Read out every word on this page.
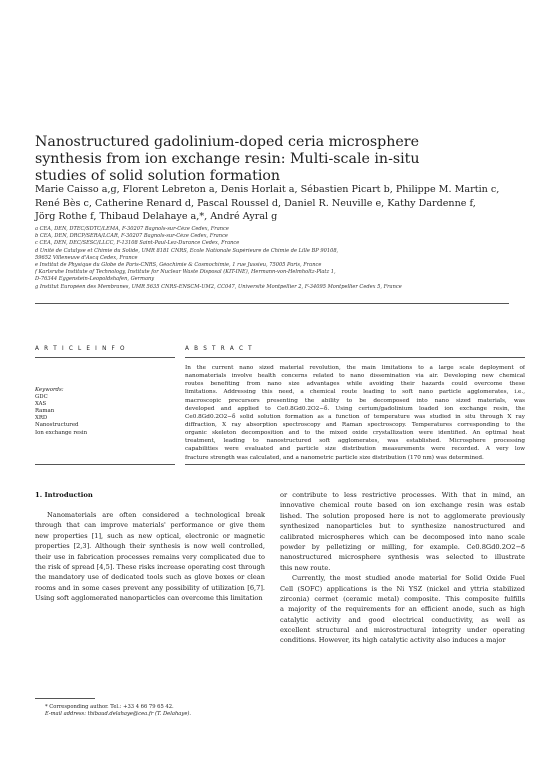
Nanostructured gadolinium-doped ceria microsphere
synthesis from ion exchange resin: Multi-scale in-situ
studies of solid solution formation
Marie Caisso a,g, Florent Lebreton a, Denis Horlait a, Sébastien Picart b, Philippe M. Martin c,
René Bès c, Catherine Renard d, Pascal Roussel d, Daniel R. Neuville e, Kathy Dardenne f,
Jörg Rothe f, Thibaud Delahaye a,*, André Ayral g
a CEA, DEN, DTEC/SDTC/LEMA, F-30207 Bagnols-sur-Cèze Cedex, France
b CEA, DEN, DRCP/SERA/LCAR, F-30207 Bagnols-sur-Cèze Cedex, France
c CEA, DEN, DEC/SESC/LLCC, F-13108 Saint-Paul-Lez-Durance Cedex, France
d Unité de Catalyse et Chimie du Solide, UMR 8181 CNRS, Ecole Nationale Supérieure de Chimie de Lille BP 90108,
59652 Villeneuve d'Ascq Cedex, France
e Institut de Physique du Globe de Paris-CNRS, Géochimie & Cosmochimie, 1 rue Jussieu, 75005 Paris, France
f Karlsruhe Institute of Technology, Institute for Nuclear Waste Disposal (KIT-INE), Hermann-von-Helmholtz-Platz 1,
D-76344 Eggenstein-Leopoldshafen, Germany
g Institut Européen des Membranes, UMR 5635 CNRS-ENSCM-UM2, CC047, Université Montpellier 2, F-34095 Montpellier Cedex 5, France
A R T I C L E I N F O	A B S T R A C T
Keywords:
GDC
XAS
Raman
XRD
Nanostructured
Ion exchange resin
In the current nano sized material revolution, the main limitations to a large scale deployment of
nanomaterials involve health concerns related to nano dissemination via air. Developing new chemical
routes benefiting from nano size advantages while avoiding their hazards could overcome these
limitations. Addressing this need, a chemical route leading to soft nano particle agglomerates, i.e.,
macroscopic precursors presenting the ability to be decomposed into nano sized materials, was
developed and applied to Ce0.8Gd0.2O2−δ. Using cerium/gadolinium loaded ion exchange resin, the
Ce0.8Gd0.2O2−δ solid solution formation as a function of temperature was studied in situ through X ray
diffraction, X ray absorption spectroscopy and Raman spectroscopy. Temperatures corresponding to the
organic skeleton decomposition and to the mixed oxide crystallization were identified. An optimal heat
treatment, leading to nanostructured soft agglomerates, was established. Microsphere processing
capabilities were evaluated and particle size distribution measurements were recorded. A very low
fracture strength was calculated, and a nanometric particle size distribution (170 nm) was determined.
1. Introduction
Nanomaterials are often considered a technological break
through that can improve materials' performance or give them
new properties [1], such as new optical, electronic or magnetic
properties [2,3]. Although their synthesis is now well controlled,
their use in fabrication processes remains very complicated due to
the risk of spread [4,5]. These risks increase operating cost through
the mandatory use of dedicated tools such as glove boxes or clean
rooms and in some cases prevent any possibility of utilization [6,7].
Using soft agglomerated nanoparticles can overcome this limitation
* Corresponding author. Tel.: +33 4 66 79 65 42.
E-mail address: thibaud.delahaye@cea.fr (T. Delahaye).
or contribute to less restrictive processes. With that in mind, an
innovative chemical route based on ion exchange resin was estab
lished. The solution proposed here is not to agglomerate previously
synthesized nanoparticles but to synthesize nanostructured and
calibrated microspheres which can be decomposed into nano scale
powder by pelletizing or milling, for example. Ce0.8Gd0.2O2−δ
nanostructured microsphere synthesis was selected to illustrate
this new route.
Currently, the most studied anode material for Solid Oxide Fuel
Cell (SOFC) applications is the Ni YSZ (nickel and yttria stabilized
zirconia) cermet (ceramic metal) composite. This composite fulfills
a majority of the requirements for an efficient anode, such as high
catalytic activity and good electrical conductivity, as well as
excellent structural and microstructural integrity under operating
conditions. However, its high catalytic activity also induces a major
